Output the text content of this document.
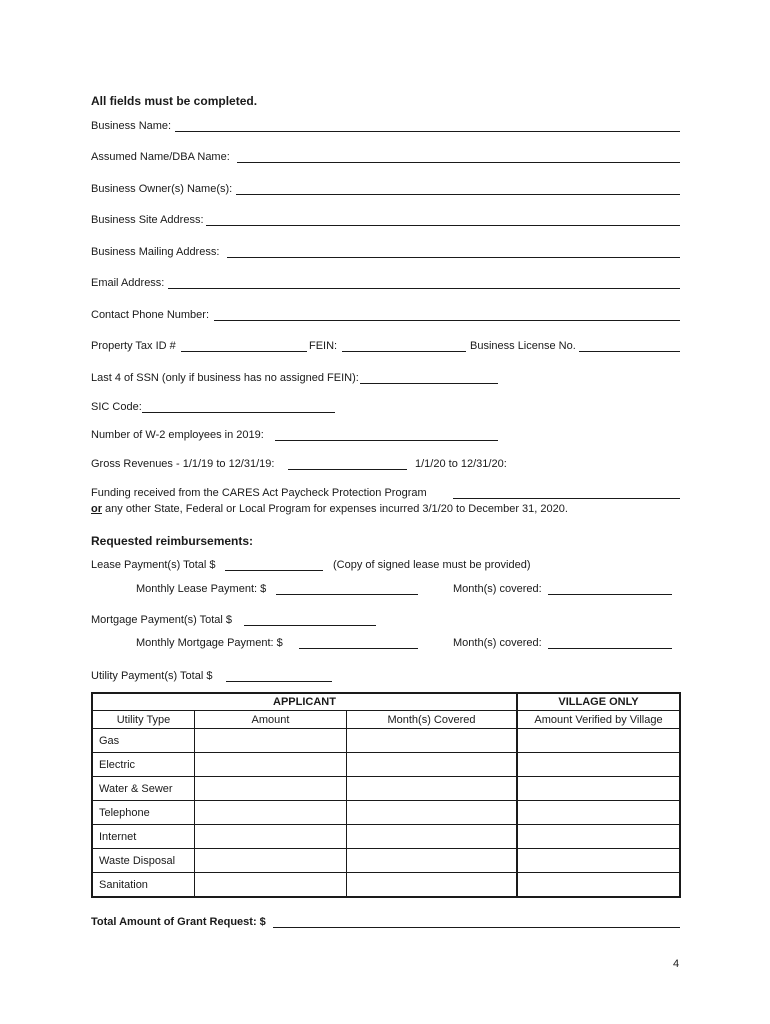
All fields must be completed.
Business Name:
Assumed Name/DBA Name:
Business Owner(s) Name(s):
Business Site Address:
Business Mailing Address:
Email Address:
Contact Phone Number:
Property Tax ID #	FEIN:	Business License No.
Last 4 of SSN (only if business has no assigned FEIN):
SIC Code:
Number of W-2 employees in 2019:
Gross Revenues - 1/1/19 to 12/31/19:	1/1/20 to 12/31/20:
Funding received from the CARES Act Paycheck Protection Program
or any other State, Federal or Local Program for expenses incurred 3/1/20 to December 31, 2020.
Requested reimbursements:
Lease Payment(s) Total $	(Copy of signed lease must be provided)
Monthly Lease Payment: $	Month(s) covered:
Mortgage Payment(s) Total $
Monthly Mortgage Payment: $	Month(s) covered:
Utility Payment(s) Total $
APPLICANT			VILLAGE ONLY
Utility Type	Amount	Month(s) Covered	Amount Verified by Village
Gas			
Electric			
Water & Sewer			
Telephone			
Internet			
Waste Disposal			
Sanitation			
Total Amount of Grant Request: $
4
